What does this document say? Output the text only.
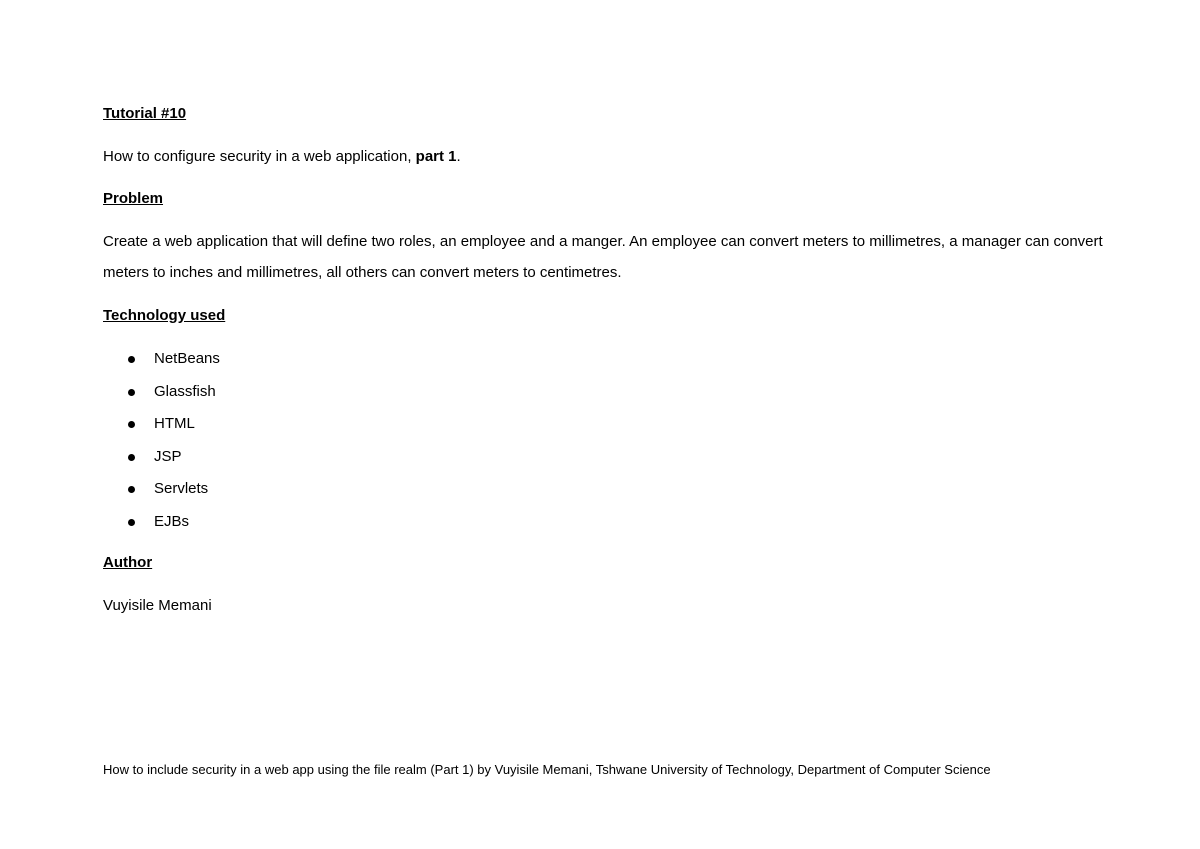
Tutorial #10
How to configure security in a web application, part 1.
Problem
Create a web application that will define two roles, an employee and a manger. An employee can convert meters to millimetres, a manager can convert meters to inches and millimetres, all others can convert meters to centimetres.
Technology used
NetBeans
Glassfish
HTML
JSP
Servlets
EJBs
Author
Vuyisile Memani
How to include security in a web app using the file realm (Part 1) by Vuyisile Memani, Tshwane University of Technology, Department of Computer Science
